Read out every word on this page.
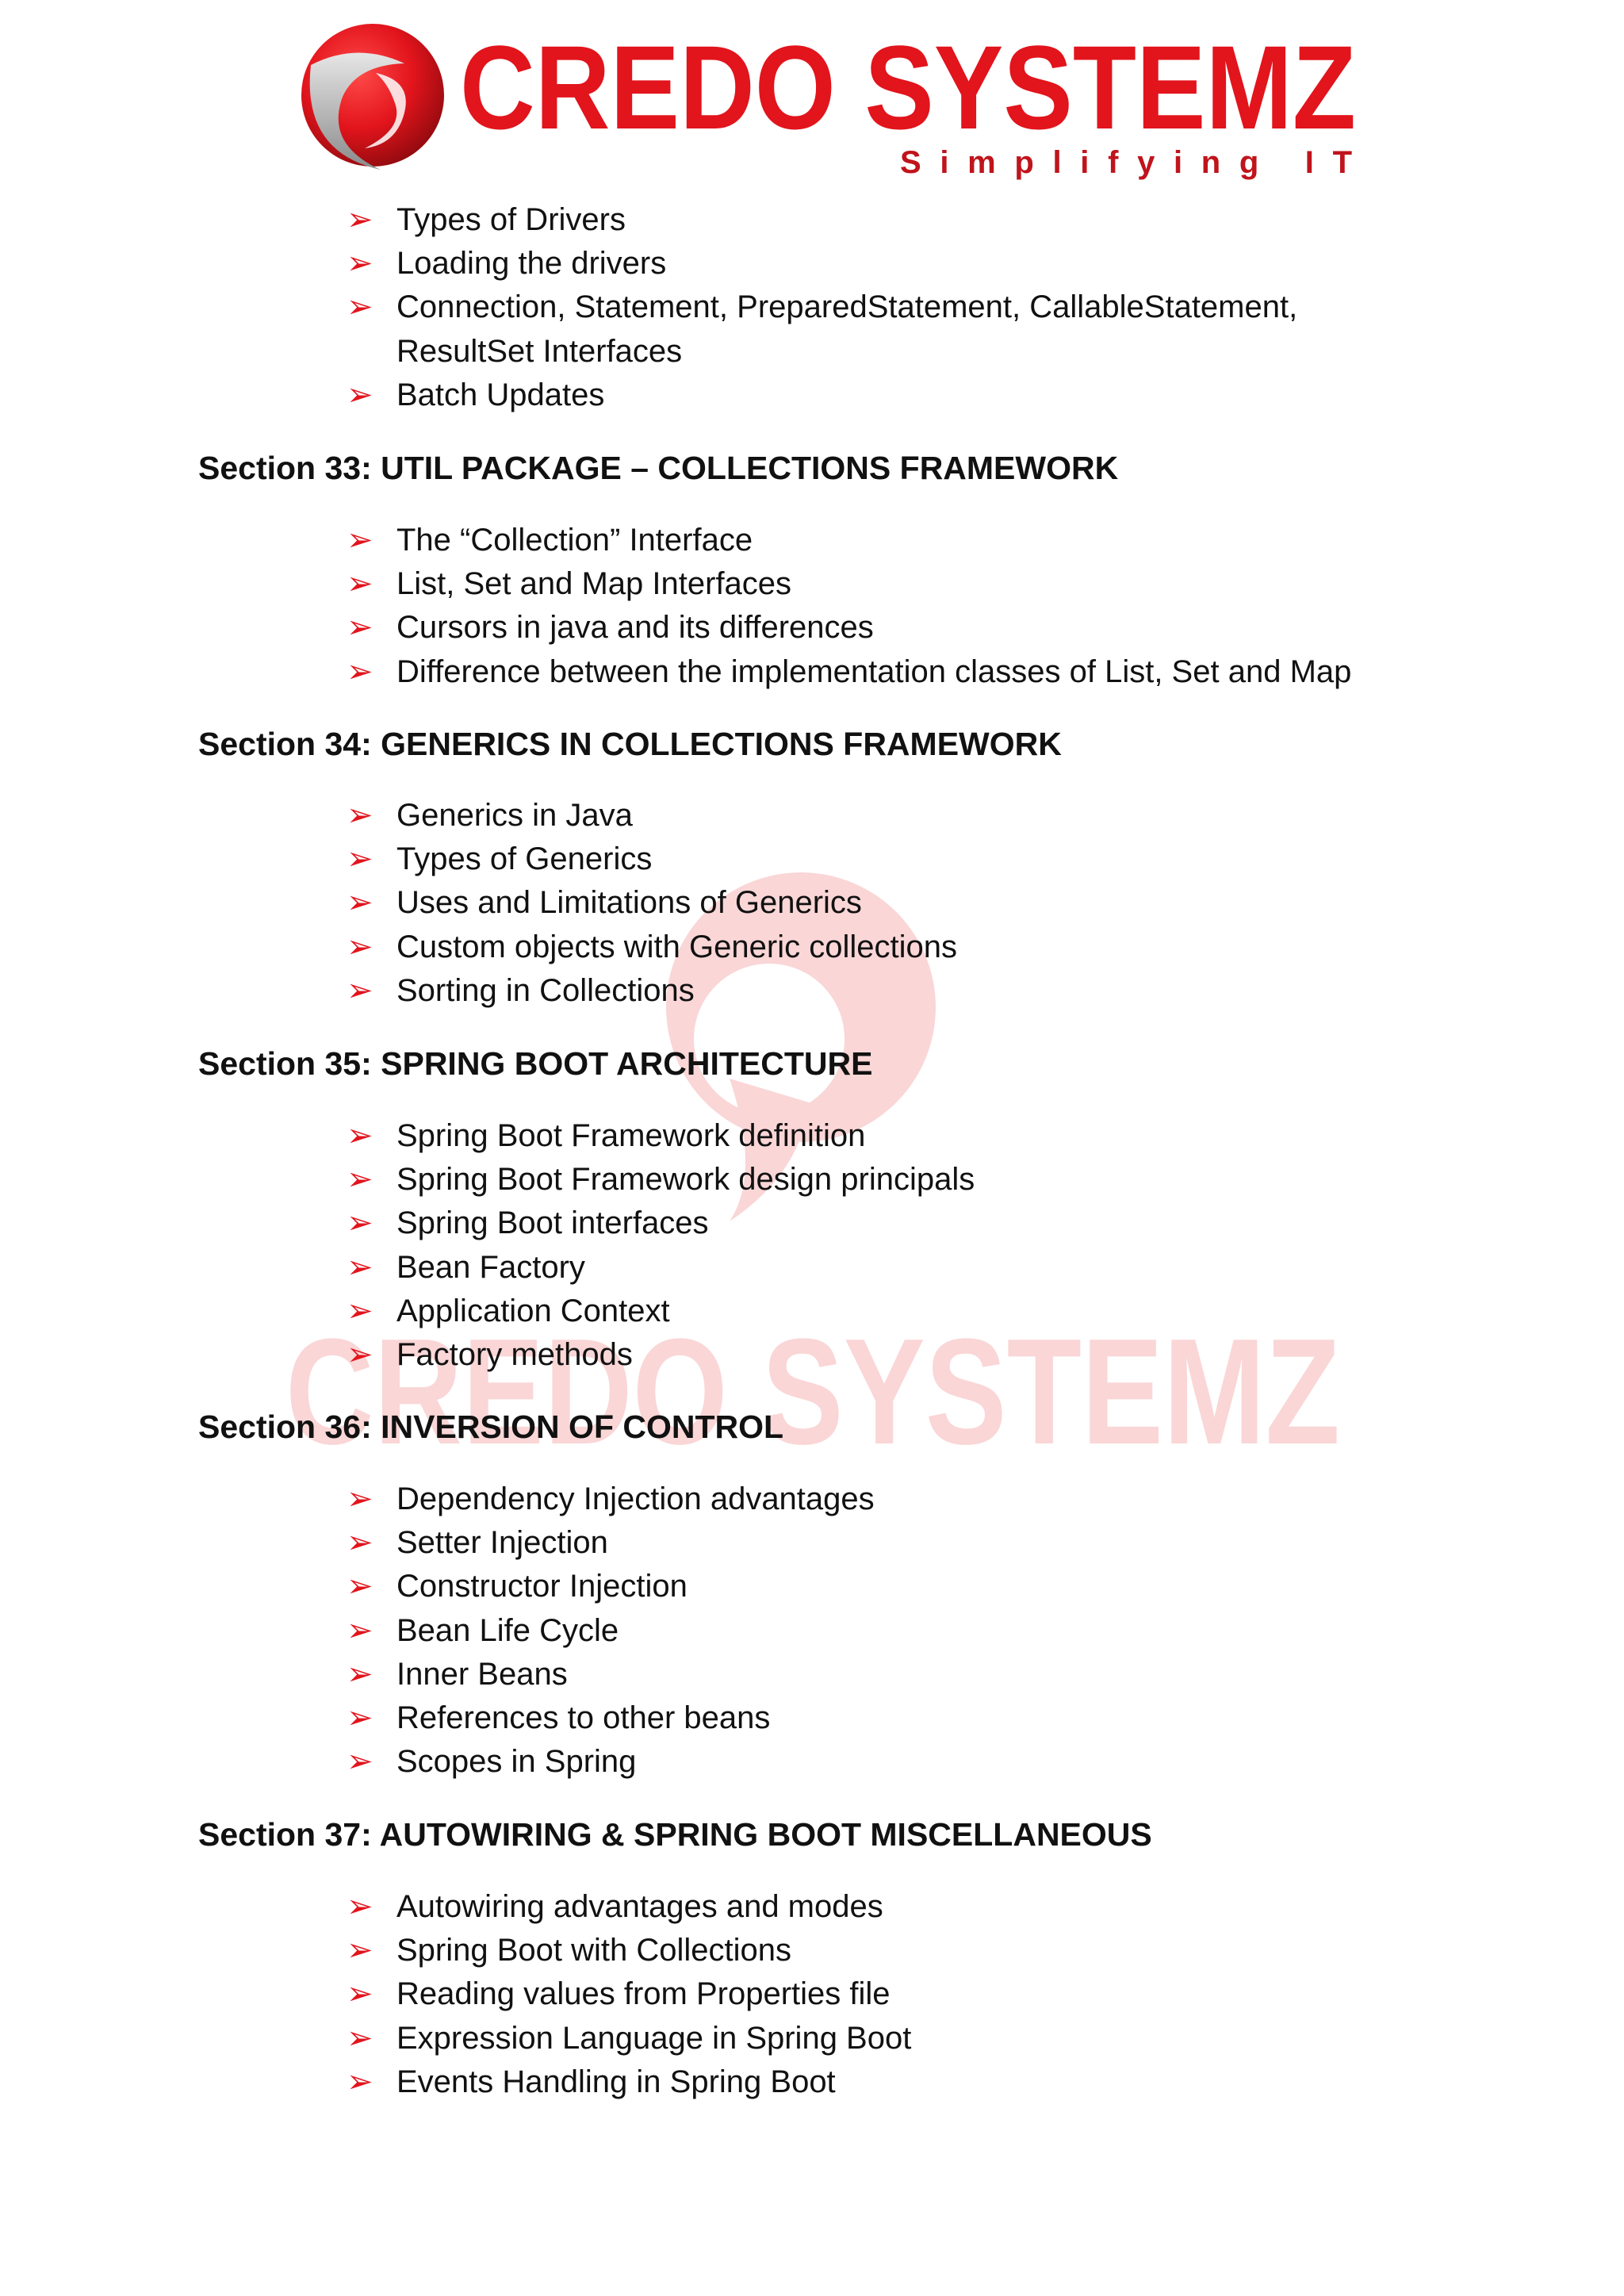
CREDO SYSTEMZ
CREDO SYSTEMZ
Simplifying IT
➢ Types of Drivers
➢ Loading the drivers
➢ Connection, Statement, PreparedStatement, CallableStatement,
ResultSet Interfaces
➢ Batch Updates
Section 33: UTIL PACKAGE – COLLECTIONS FRAMEWORK
➢ The “Collection” Interface
➢ List, Set and Map Interfaces
➢ Cursors in java and its differences
➢ Difference between the implementation classes of List, Set and Map
Section 34: GENERICS IN COLLECTIONS FRAMEWORK
➢ Generics in Java
➢ Types of Generics
➢ Uses and Limitations of Generics
➢ Custom objects with Generic collections
➢ Sorting in Collections
Section 35: SPRING BOOT ARCHITECTURE
➢ Spring Boot Framework definition
➢ Spring Boot Framework design principals
➢ Spring Boot interfaces
➢ Bean Factory
➢ Application Context
➢ Factory methods
Section 36: INVERSION OF CONTROL
➢ Dependency Injection advantages
➢ Setter Injection
➢ Constructor Injection
➢ Bean Life Cycle
➢ Inner Beans
➢ References to other beans
➢ Scopes in Spring
Section 37: AUTOWIRING & SPRING BOOT MISCELLANEOUS
➢ Autowiring advantages and modes
➢ Spring Boot with Collections
➢ Reading values from Properties file
➢ Expression Language in Spring Boot
➢ Events Handling in Spring Boot
